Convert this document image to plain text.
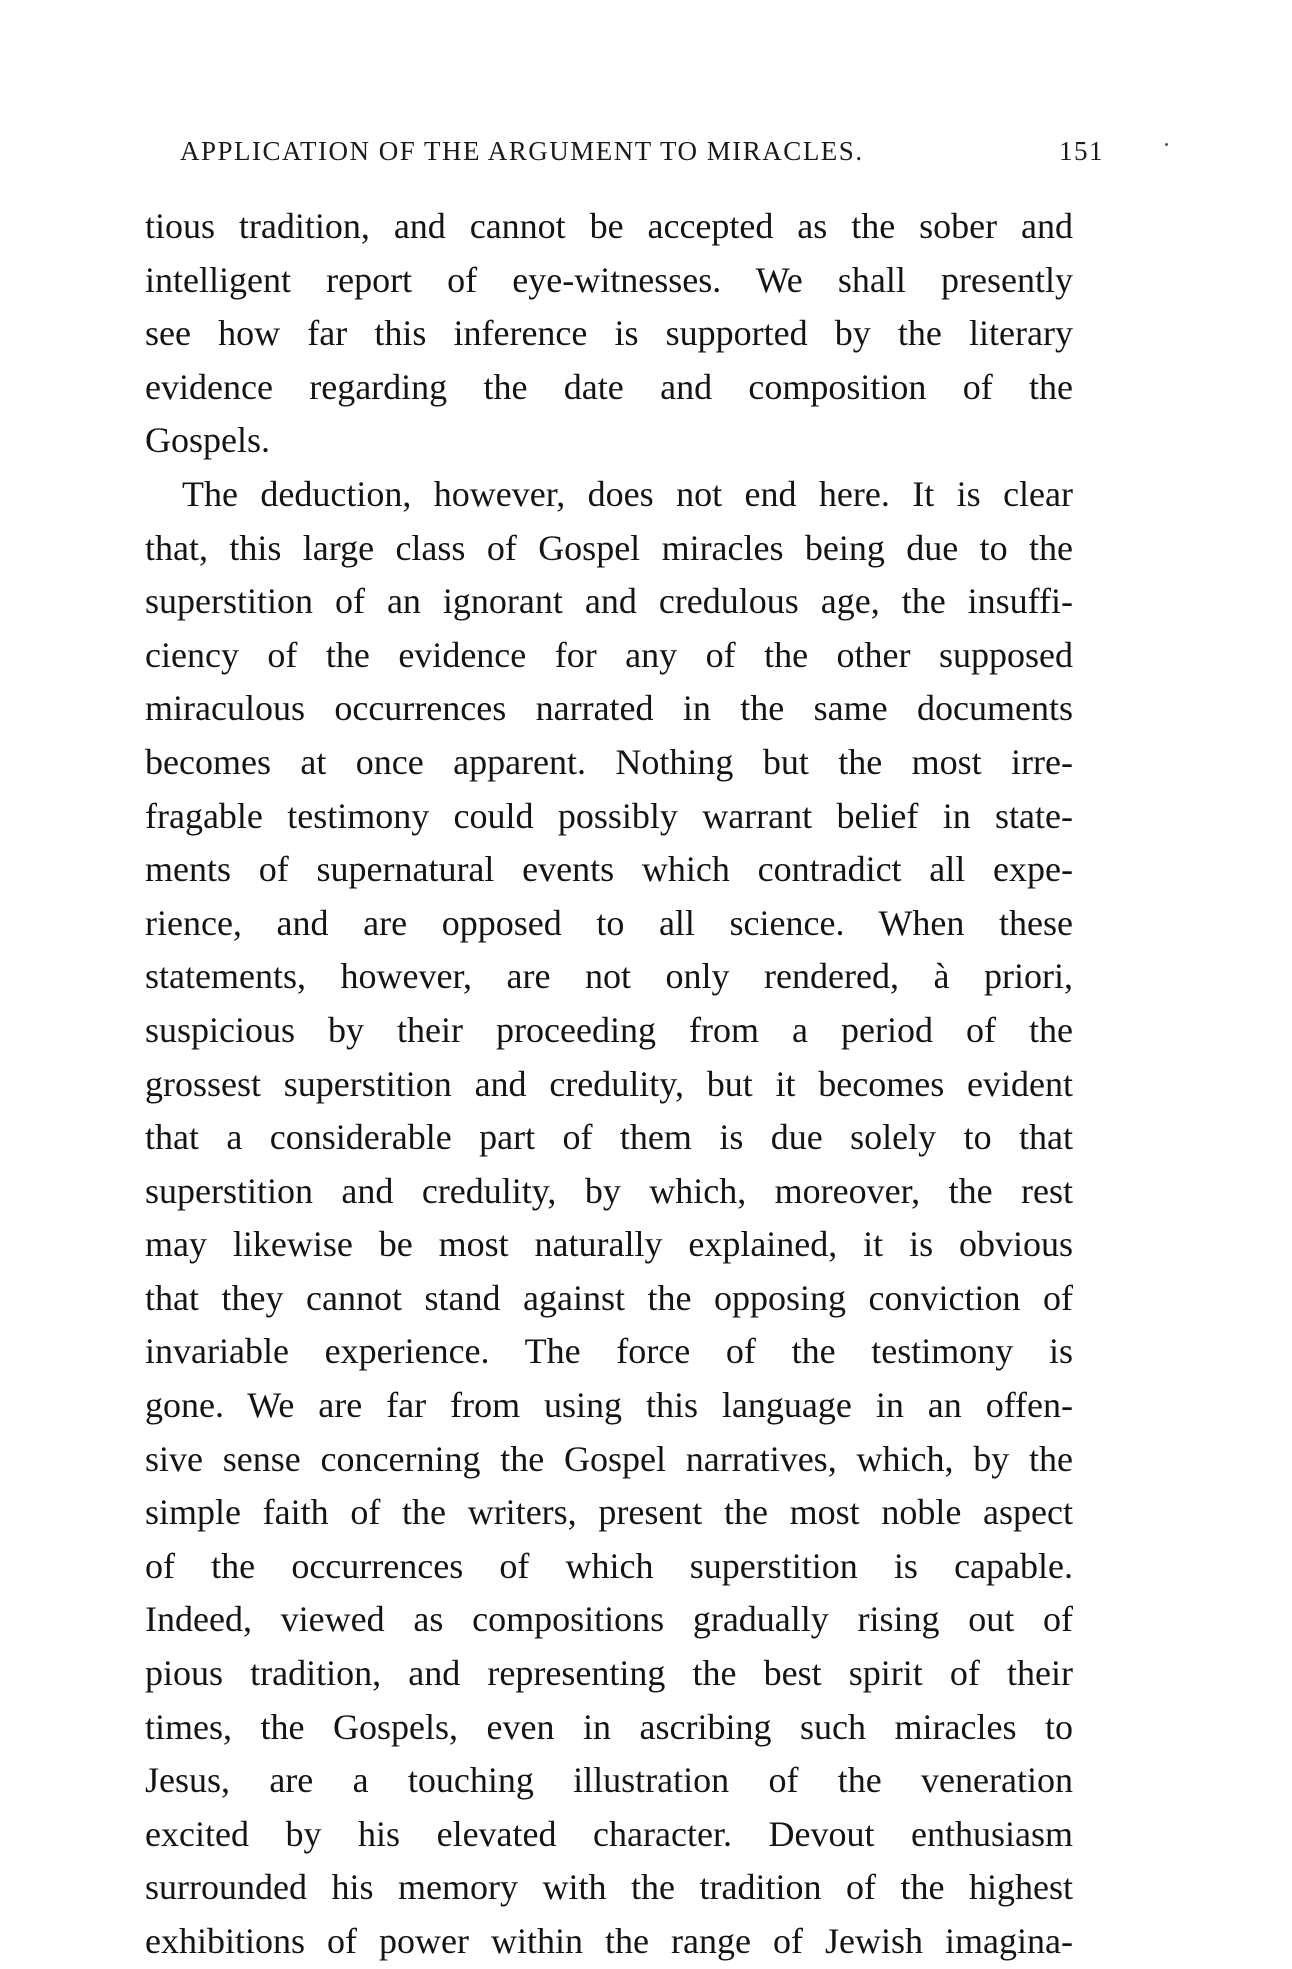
APPLICATION OF THE ARGUMENT TO MIRACLES.	151
tious tradition, and cannot be accepted as the sober and
intelligent report of eye-witnesses. We shall presently
see how far this inference is supported by the literary
evidence regarding the date and composition of the
Gospels.
The deduction, however, does not end here. It is clear
that, this large class of Gospel miracles being due to the
superstition of an ignorant and credulous age, the insuffi-
ciency of the evidence for any of the other supposed
miraculous occurrences narrated in the same documents
becomes at once apparent. Nothing but the most irre-
fragable testimony could possibly warrant belief in state-
ments of supernatural events which contradict all expe-
rience, and are opposed to all science. When these
statements, however, are not only rendered, à priori,
suspicious by their proceeding from a period of the
grossest superstition and credulity, but it becomes evident
that a considerable part of them is due solely to that
superstition and credulity, by which, moreover, the rest
may likewise be most naturally explained, it is obvious
that they cannot stand against the opposing conviction of
invariable experience. The force of the testimony is
gone. We are far from using this language in an offen-
sive sense concerning the Gospel narratives, which, by the
simple faith of the writers, present the most noble aspect
of the occurrences of which superstition is capable.
Indeed, viewed as compositions gradually rising out of
pious tradition, and representing the best spirit of their
times, the Gospels, even in ascribing such miracles to
Jesus, are a touching illustration of the veneration
excited by his elevated character. Devout enthusiasm
surrounded his memory with the tradition of the highest
exhibitions of power within the range of Jewish imagina-
